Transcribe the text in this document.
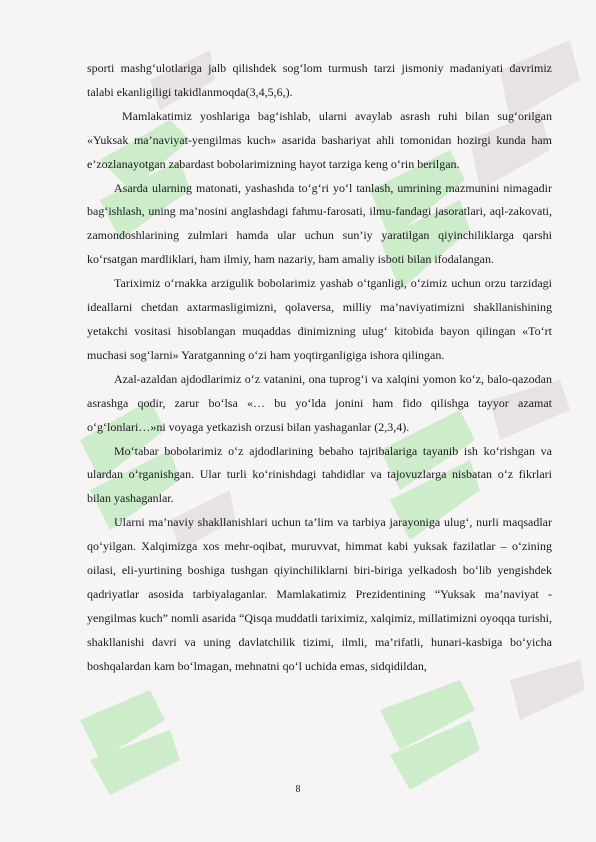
sporti mashg‘ulotlariga jalb qilishdek sog‘lom turmush tarzi jismoniy madaniyati davrimiz talabi ekanligiligi takidlanmoqda(3,4,5,6,).

Mamlakatimiz yoshlariga bag‘ishlab, ularni avaylab asrash ruhi bilan sug‘orilgan «Yuksak ma’naviyat-yengilmas kuch» asarida bashariyat ahli tomonidan hozirgi kunda ham e’zozlanayotgan zabardast bobolarimizning hayot tarziga keng o‘rin berilgan.

Asarda ularning matonati, yashashda to‘g‘ri yo‘l tanlash, umrining mazmunini nimagadir bag‘ishlash, uning ma’nosini anglashdagi fahmu-farosati, ilmu-fandagi jasoratlari, aql-zakovati, zamondoshlarining zulmlari hamda ular uchun sun’iy yaratilgan qiyinchiliklarga qarshi ko‘rsatgan mardliklari, ham ilmiy, ham nazariy, ham amaliy isboti bilan ifodalangan.

Tariximiz o‘rnakka arzigulik bobolarimiz yashab o‘tganligi, o‘zimiz uchun orzu tarzidagi ideallarni chetdan axtarmasligimizni, qolaversa, milliy ma’naviyatimizni shakllanishining yetakchi vositasi hisoblangan muqaddas dinimizning ulug‘ kitobida bayon qilingan «To‘rt muchasi sog‘larni» Yaratganning o‘zi ham yoqtirganligiga ishora qilingan.

Azal-azaldan ajdodlarimiz o‘z vatanini, ona tuprog‘i va xalqini yomon ko‘z, balo-qazodan asrashga qodir, zarur bo‘lsa «… bu yo‘lda jonini ham fido qilishga tayyor azamat o‘g‘lonlari…»ni voyaga yetkazish orzusi bilan yashaganlar (2,3,4).

Mo‘tabar bobolarimiz o‘z ajdodlarining bebaho tajribalariga tayanib ish ko‘rishgan va ulardan o‘rganishgan. Ular turli ko‘rinishdagi tahdidlar va tajovuzlarga nisbatan o‘z fikrlari bilan yashaganlar.

Ularni ma’naviy shakllanishlari uchun ta’lim va tarbiya jarayoniga ulug‘, nurli maqsadlar qo‘yilgan. Xalqimizga xos mehr-oqibat, muruvvat, himmat kabi yuksak fazilatlar – o‘zining oilasi, eli-yurtining boshiga tushgan qiyinchiliklarni biri-biriga yelkadosh bo‘lib yengishdek qadriyatlar asosida tarbiyalaganlar. Mamlakatimiz Prezidentining “Yuksak ma’naviyat - yengilmas kuch” nomli asarida “Qisqa muddatli tariximiz, xalqimiz, millatimizni oyoqqa turishi, shakllanishi davri va uning davlatchilik tizimi, ilmli, ma’rifatli, hunari-kasbiga bo‘yicha boshqalardan kam bo‘lmagan, mehnatni qo‘l uchida emas, sidqidildan,

8
